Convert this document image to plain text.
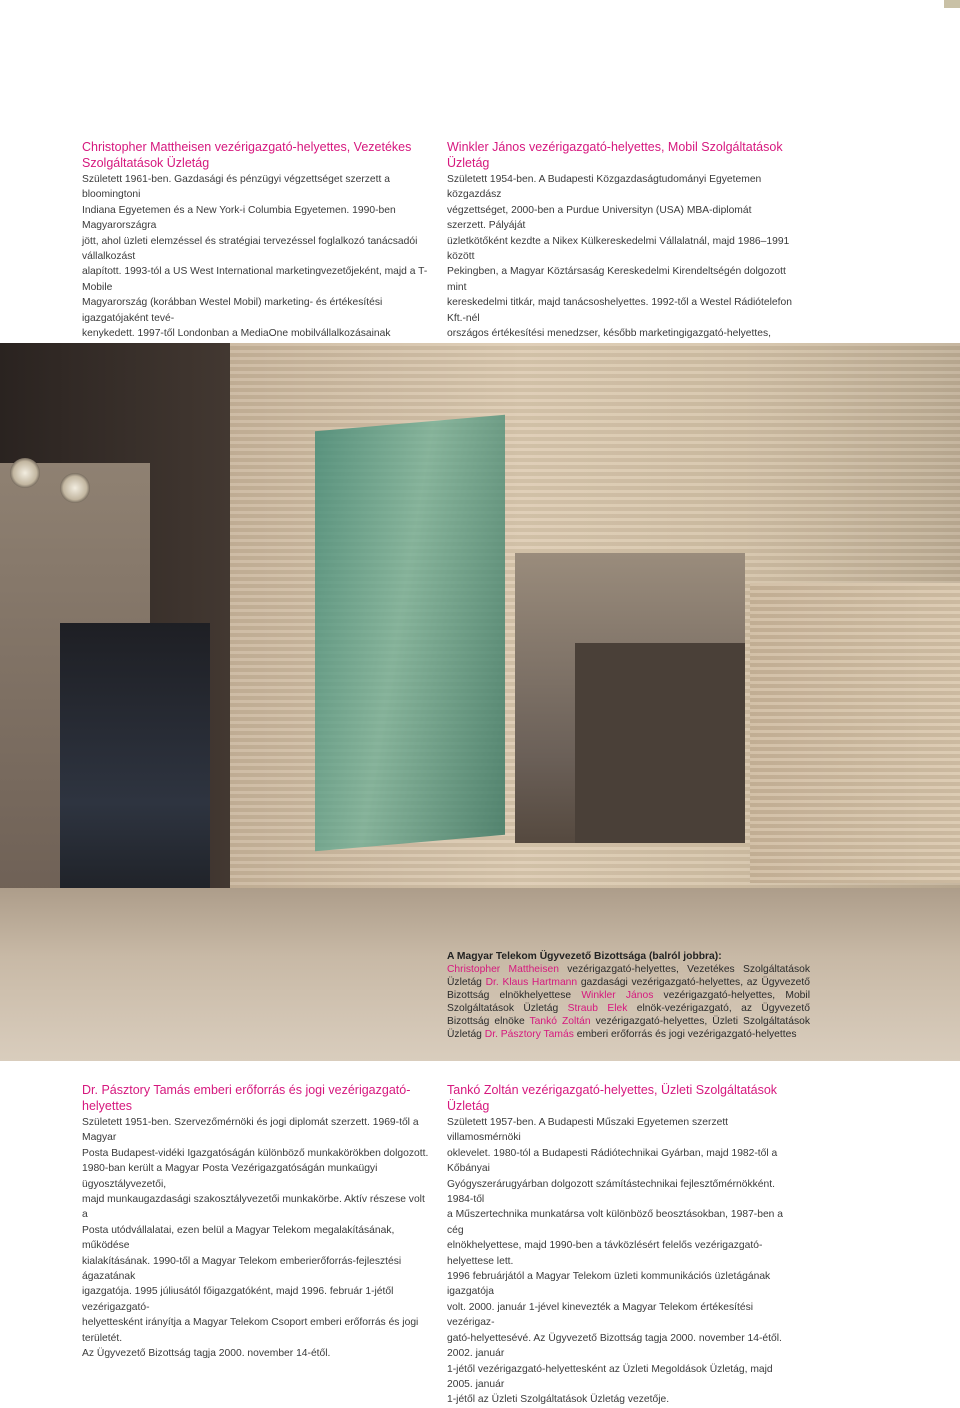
Christopher Mattheisen vezérigazgató-helyettes, Vezetékes Szolgáltatások Üzletág

Született 1961-ben. Gazdasági és pénzügyi végzettséget szerzett a bloomingtoni

Indiana Egyetemen és a New York-i Columbia Egyetemen. 1990-ben Magyarországra

jött, ahol üzleti elemzéssel és stratégiai tervezéssel foglalkozó tanácsadói vállalkozást

alapított. 1993-tól a US West International marketingvezetőjeként, majd a T-Mobile

Magyarország (korábban Westel Mobil) marketing- és értékesítési igazgatójaként tevé-

kenykedett. 1997-től Londonban a MediaOne mobilvállalkozásainak

Winkler János vezérigazgató-helyettes, Mobil Szolgáltatások Üzletág

Született 1954-ben. A Budapesti Közgazdaságtudományi Egyetemen közgazdász

végzettséget, 2000-ben a Purdue Universityn (USA) MBA-diplomát szerzett. Pályáját

üzletkötőként kezdte a Nikex Külkereskedelmi Vállalatnál, majd 1986–1991 között

Pekingben, a Magyar Köztársaság Kereskedelmi Kirendeltségén dolgozott mint

kereskedelmi titkár, majd tanácsoshelyettes. 1992-től a Westel Rádiótelefon Kft.-nél

országos értékesítési menedzser, később marketingigazgató-helyettes,

A Magyar Telekom Ügyvezető Bizottsága (balról jobbra):
Christopher Mattheisen vezérigazgató-helyettes, Vezetékes Szolgáltatások Üzletág Dr. Klaus Hartmann gazdasági vezérigazgató-helyettes, az Ügyvezető Bizottság elnökhelyettese Winkler János vezérigazgató-helyettes, Mobil Szolgáltatások Üzletág Straub Elek elnök-vezérigazgató, az Ügyvezető Bizottság elnöke Tankó Zoltán vezérigazgató-helyettes, Üzleti Szolgáltatások Üzletág Dr. Pásztory Tamás emberi erőforrás és jogi vezérigazgató-helyettes
Dr. Pásztory Tamás emberi erőforrás és jogi vezérigazgató-helyettes

Született 1951-ben. Szervezőmérnöki és jogi diplomát szerzett. 1969-től a Magyar

Posta Budapest-vidéki Igazgatóságán különböző munkakörökben dolgozott.

1980-ban került a Magyar Posta Vezérigazgatóságán munkaügyi ügyosztályvezetői,

majd munkaugazdasági szakosztályvezetői munkakörbe. Aktív részese volt a

Posta utódvállalatai, ezen belül a Magyar Telekom megalakításának, működése

kialakításának. 1990-től a Magyar Telekom emberierőforrás-fejlesztési ágazatának

igazgatója. 1995 júliusától főigazgatóként, majd 1996. február 1-jétől vezérigazgató-

helyettesként irányítja a Magyar Telekom Csoport emberi erőforrás és jogi területét.

Az Ügyvezető Bizottság tagja 2000. november 14-étől.

Tankó Zoltán vezérigazgató-helyettes, Üzleti Szolgáltatások Üzletág

Született 1957-ben. A Budapesti Műszaki Egyetemen szerzett villamosmérnöki

oklevelet. 1980-tól a Budapesti Rádiótechnikai Gyárban, majd 1982-től a Kőbányai

Gyógyszerárugyárban dolgozott számítástechnikai fejlesztőmérnökként. 1984-től

a Műszertechnika munkatársa volt különböző beosztásokban, 1987-ben a cég

elnökhelyettese, majd 1990-ben a távközlésért felelős vezérigazgató-helyettese lett.

1996 februárjától a Magyar Telekom üzleti kommunikációs üzletágának igazgatója

volt. 2000. január 1-jével kinevezték a Magyar Telekom értékesítési vezérigaz-

gató-helyettesévé. Az Ügyvezető Bizottság tagja 2000. november 14-étől. 2002. január

1-jétől vezérigazgató-helyettesként az Üzleti Megoldások Üzletág, majd 2005. január

1-jétől az Üzleti Szolgáltatások Üzletág vezetője.
